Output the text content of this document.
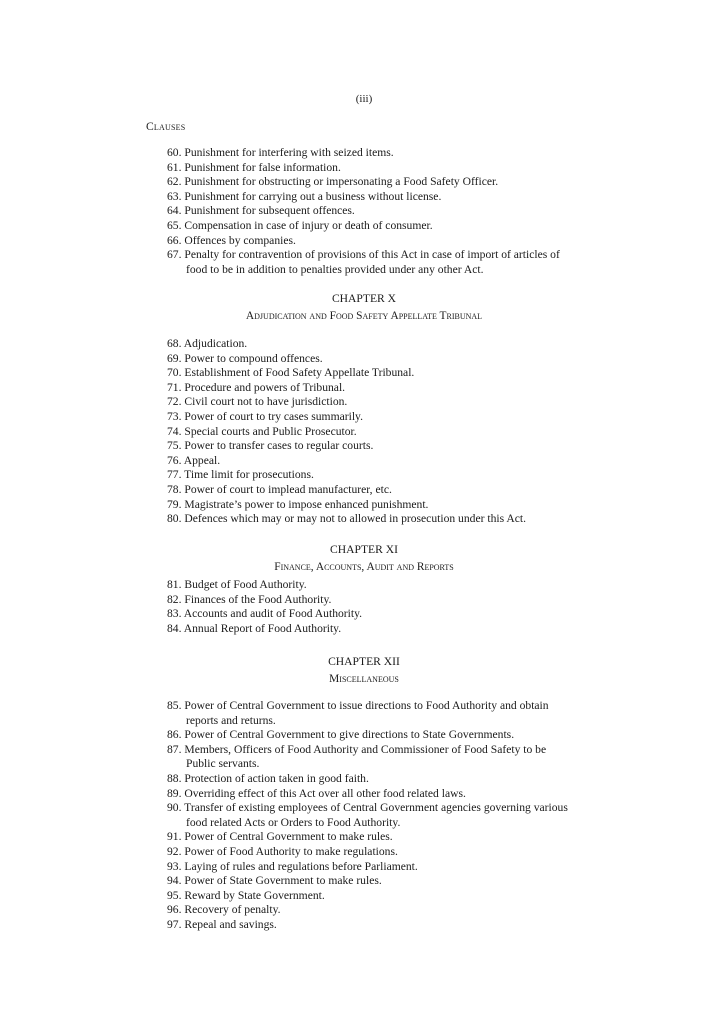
(iii)
Clauses
60. Punishment for interfering with seized items.
61. Punishment for false information.
62. Punishment for obstructing or impersonating a Food Safety Officer.
63. Punishment for carrying out a business without license.
64. Punishment for subsequent offences.
65. Compensation in case of injury or death of consumer.
66. Offences by companies.
67. Penalty for contravention of provisions of this Act in case of import of articles of
food to be in addition to penalties provided under any other Act.
CHAPTER X
Adjudication and Food Safety Appellate Tribunal
68. Adjudication.
69. Power to compound offences.
70. Establishment of Food Safety Appellate Tribunal.
71. Procedure and powers of Tribunal.
72. Civil court not to have jurisdiction.
73. Power of court to try cases summarily.
74. Special courts and Public Prosecutor.
75. Power to transfer cases to regular courts.
76. Appeal.
77. Time limit for prosecutions.
78. Power of court to implead manufacturer, etc.
79. Magistrate’s power to impose enhanced punishment.
80. Defences which may or may not to allowed in prosecution under this Act.
CHAPTER XI
Finance, Accounts, Audit and Reports
81. Budget of Food Authority.
82. Finances of the Food Authority.
83. Accounts and audit of Food Authority.
84. Annual Report of Food Authority.
CHAPTER XII
Miscellaneous
85. Power of Central Government to issue directions to Food Authority and obtain
reports and returns.
86. Power of Central Government to give directions to State Governments.
87. Members, Officers of Food Authority and Commissioner of Food Safety to be
Public servants.
88. Protection of action taken in good faith.
89. Overriding effect of this Act over all other food related laws.
90. Transfer of existing employees of Central Government agencies governing various
food related Acts or Orders to Food Authority.
91. Power of Central Government to make rules.
92. Power of Food Authority to make regulations.
93. Laying of rules and regulations before Parliament.
94. Power of State Government to make rules.
95. Reward by State Government.
96. Recovery of penalty.
97. Repeal and savings.
